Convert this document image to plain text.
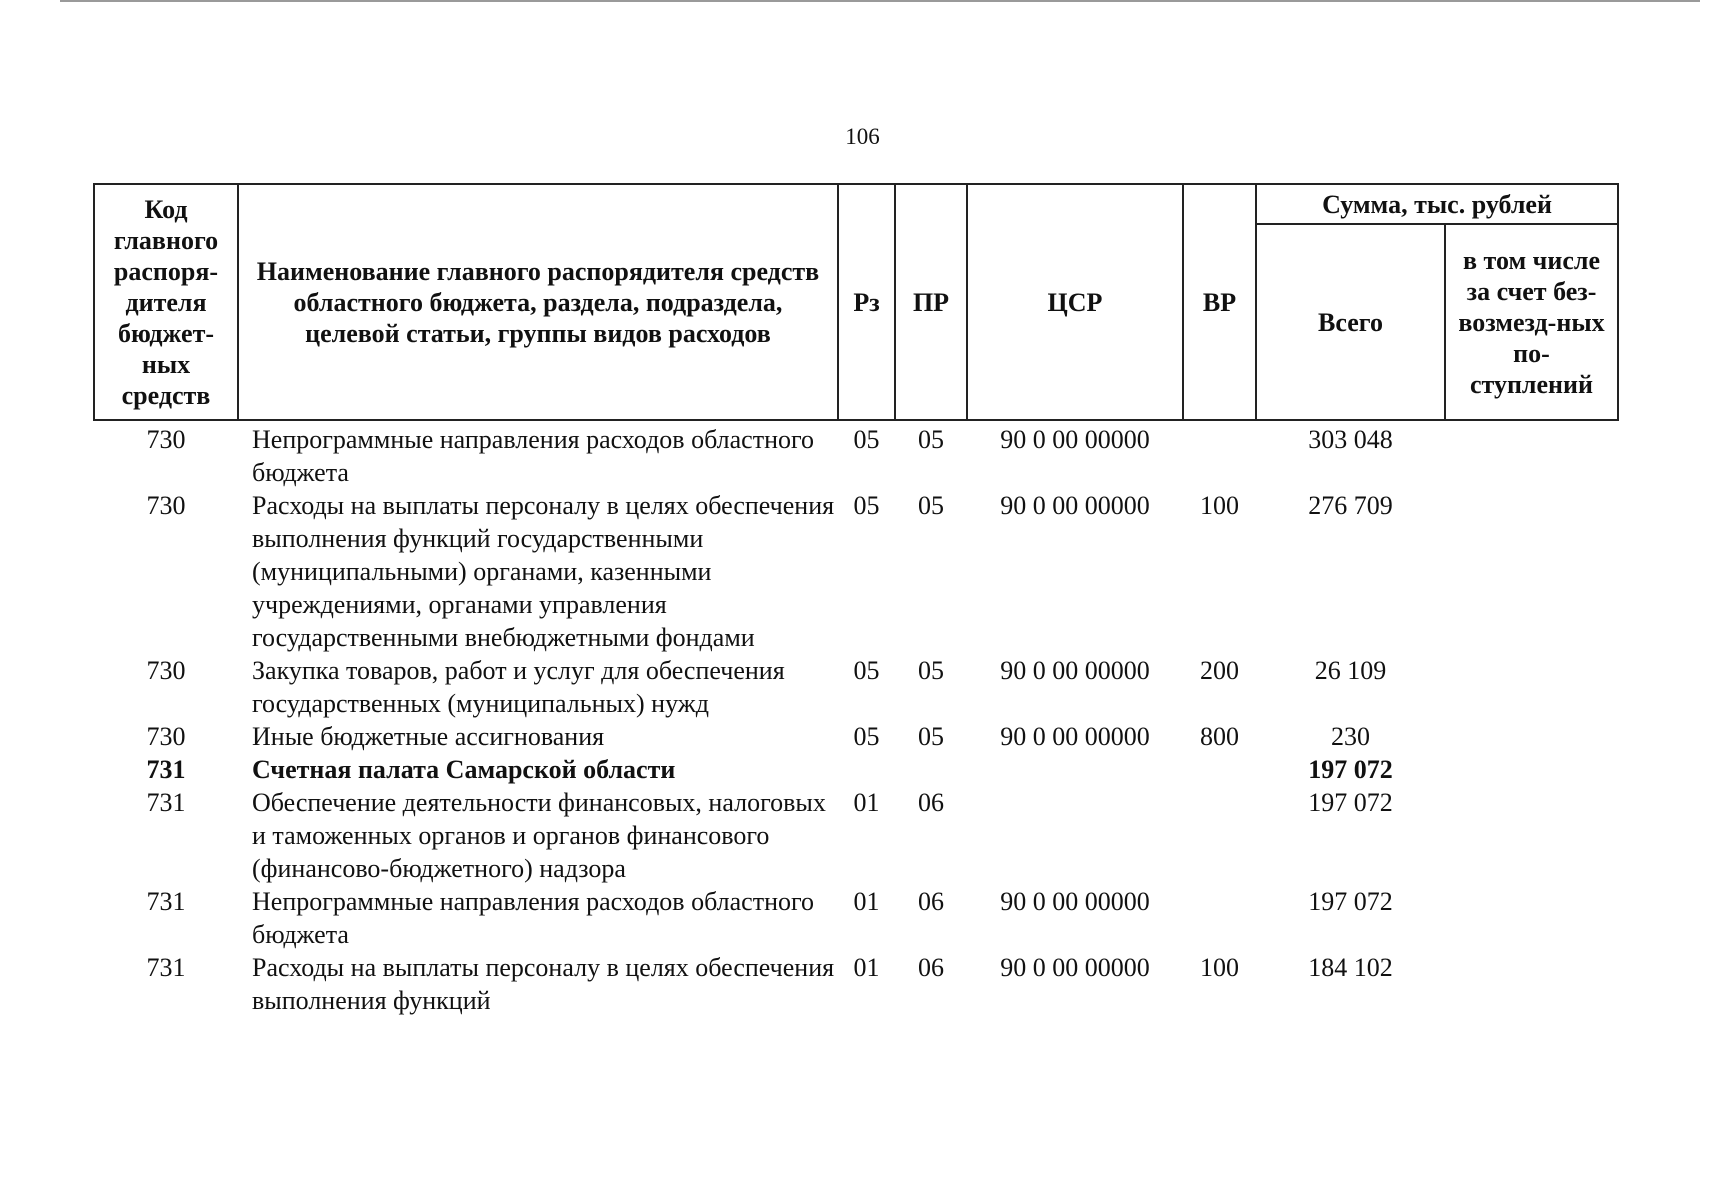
106
Код главного распоря-дителя бюджет-ных средств	Наименование главного распорядителя средств областного бюджета, раздела, подраздела, целевой статьи, группы видов расходов	Рз	ПР	ЦСР	ВР	Сумма, тыс. рублей	
						Всего	в том числе за счет без-возмезд-ных по-ступлений
730	Непрограммные направления расходов областного бюджета	05	05	90 0 00 00000		303 048	
730	Расходы на выплаты персоналу в целях обеспечения выполнения функций государственными (муниципальными) органами, казенными учреждениями, органами управления государственными внебюджетными фондами	05	05	90 0 00 00000	100	276 709	
730	Закупка товаров, работ и услуг для обеспечения государственных (муниципальных) нужд	05	05	90 0 00 00000	200	26 109	
730	Иные бюджетные ассигнования	05	05	90 0 00 00000	800	230	
731	Счетная палата Самарской области					197 072	
731	Обеспечение деятельности финансовых, налоговых и таможенных органов и органов финансового (финансово-бюджетного) надзора	01	06			197 072	
731	Непрограммные направления расходов областного бюджета	01	06	90 0 00 00000		197 072	
731	Расходы на выплаты персоналу в целях обеспечения выполнения функций	01	06	90 0 00 00000	100	184 102	
